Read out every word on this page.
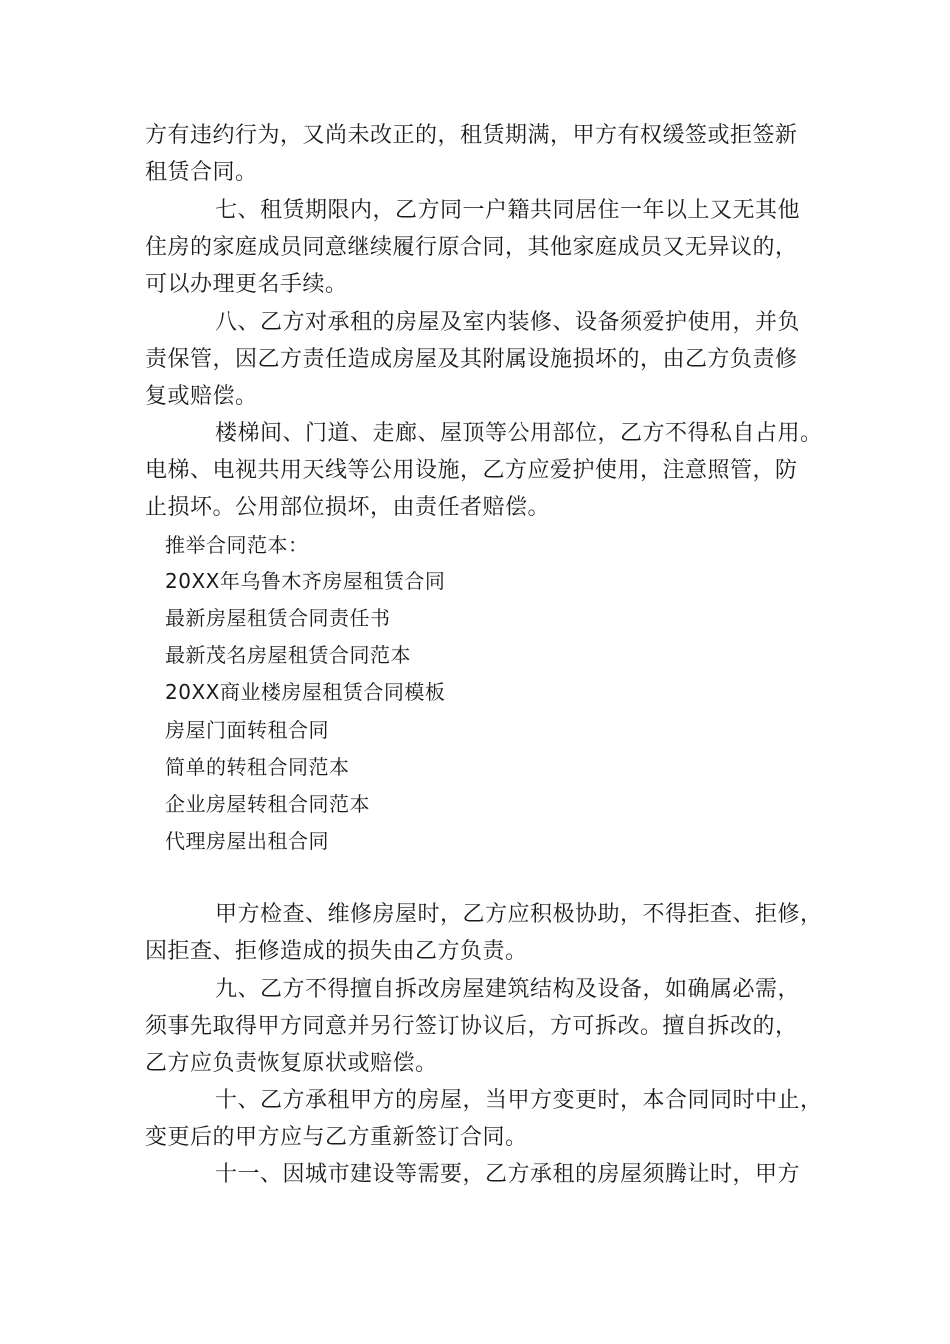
方有违约行为，又尚未改正的，租赁期满，甲方有权缓签或拒签新
租赁合同。
七、租赁期限内，乙方同一户籍共同居住一年以上又无其他
住房的家庭成员同意继续履行原合同，其他家庭成员又无异议的，
可以办理更名手续。
八、乙方对承租的房屋及室内装修、设备须爱护使用，并负
责保管，因乙方责任造成房屋及其附属设施损坏的，由乙方负责修
复或赔偿。
楼梯间、门道、走廊、屋顶等公用部位，乙方不得私自占用。
电梯、电视共用天线等公用设施，乙方应爱护使用，注意照管，防
止损坏。公用部位损坏，由责任者赔偿。
推举合同范本：
20XX年乌鲁木齐房屋租赁合同
最新房屋租赁合同责任书
最新茂名房屋租赁合同范本
20XX商业楼房屋租赁合同模板
房屋门面转租合同
简单的转租合同范本
企业房屋转租合同范本
代理房屋出租合同
甲方检查、维修房屋时，乙方应积极协助，不得拒查、拒修，
因拒查、拒修造成的损失由乙方负责。
九、乙方不得擅自拆改房屋建筑结构及设备，如确属必需，
须事先取得甲方同意并另行签订协议后，方可拆改。擅自拆改的，
乙方应负责恢复原状或赔偿。
十、乙方承租甲方的房屋，当甲方变更时，本合同同时中止，
变更后的甲方应与乙方重新签订合同。
十一、因城市建设等需要，乙方承租的房屋须腾让时，甲方
